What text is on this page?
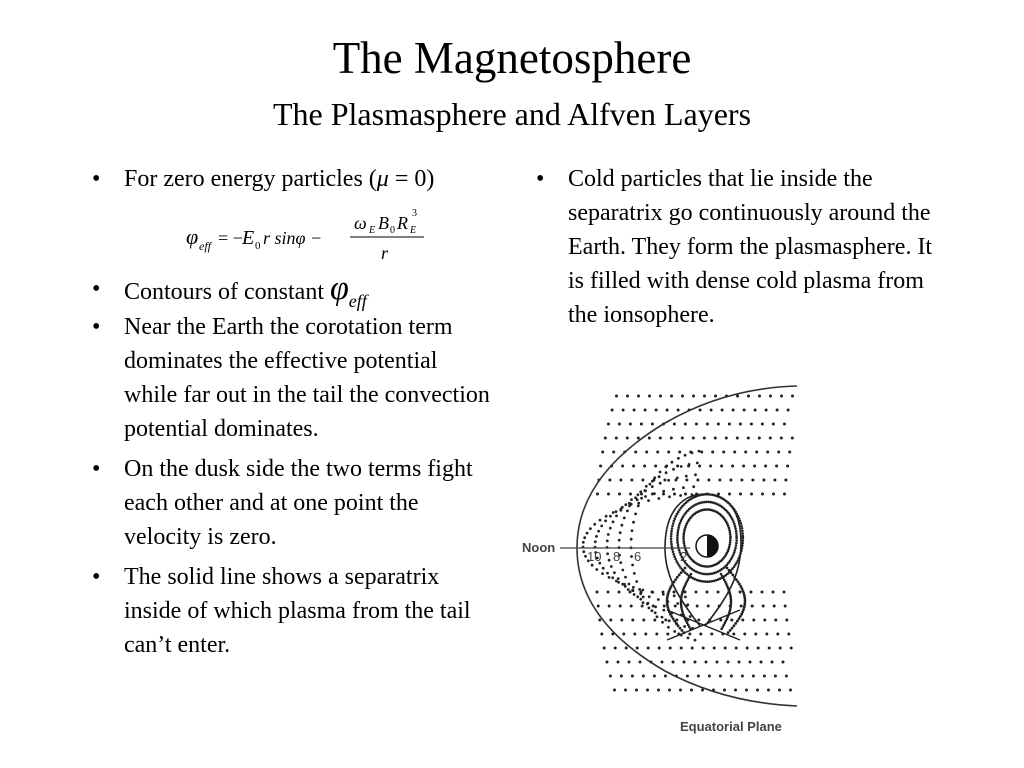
The Magnetosphere
The Plasmasphere and Alfven Layers
• For zero energy particles (μ = 0)
φ eff = − E 0 r sinφ −
ω E B 0 R E
3
r
• Contours of constant $\varphi_{eff}$
• Near the Earth the corotation term dominates the effective potential while far out in the tail the convection potential dominates.
• On the dusk side the two terms fight each other and at one point the velocity is zero.
• The solid line shows a separatrix inside of which plasma from the tail can’t enter.
• Cold particles that lie inside the separatrix go continuously around the Earth. They form the plasmasphere. It is filled with dense cold plasma from the ionsophere.
Noon
10 8 6	2
Equatorial Plane
